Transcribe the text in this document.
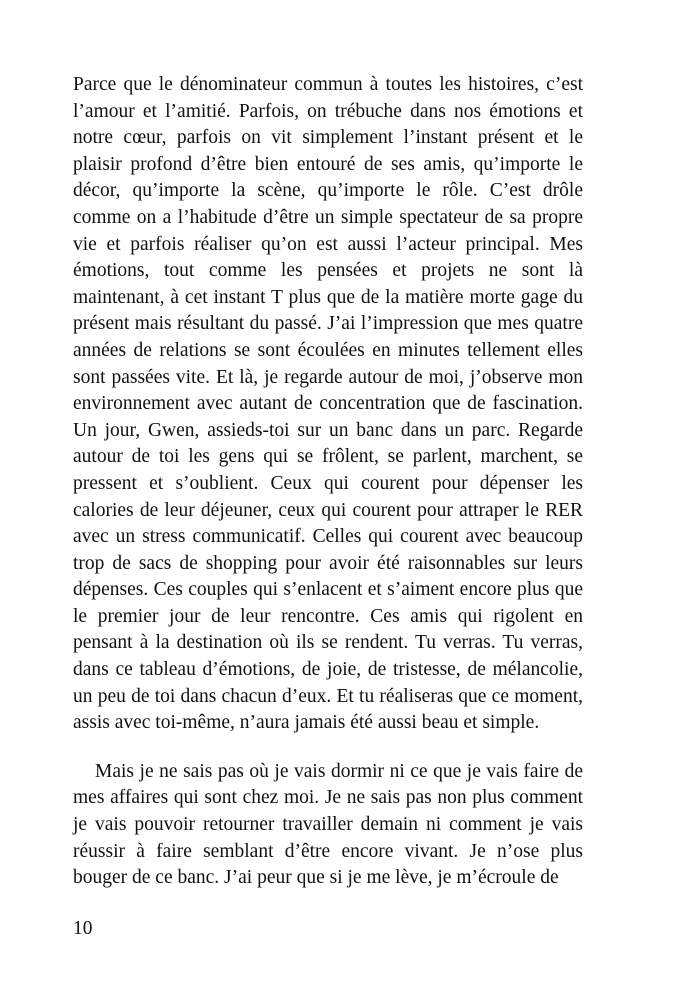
Parce que le dénominateur commun à toutes les histoires, c’est l’amour et l’amitié. Parfois, on trébuche dans nos émotions et notre cœur, parfois on vit simplement l’instant présent et le plaisir profond d’être bien entouré de ses amis, qu’importe le décor, qu’importe la scène, qu’importe le rôle. C’est drôle comme on a l’habitude d’être un simple spectateur de sa propre vie et parfois réaliser qu’on est aussi l’acteur principal. Mes émotions, tout comme les pensées et projets ne sont là maintenant, à cet instant T plus que de la matière morte gage du présent mais résultant du passé. J’ai l’impression que mes quatre années de relations se sont écoulées en minutes tellement elles sont passées vite. Et là, je regarde autour de moi, j’observe mon environnement avec autant de concentration que de fascination. Un jour, Gwen, assieds-toi sur un banc dans un parc. Regarde autour de toi les gens qui se frôlent, se parlent, marchent, se pressent et s’oublient. Ceux qui courent pour dépenser les calories de leur déjeuner, ceux qui courent pour attraper le RER avec un stress communicatif. Celles qui courent avec beaucoup trop de sacs de shopping pour avoir été raisonnables sur leurs dépenses. Ces couples qui s’enlacent et s’aiment encore plus que le premier jour de leur rencontre. Ces amis qui rigolent en pensant à la destination où ils se rendent. Tu verras. Tu verras, dans ce tableau d’émotions, de joie, de tristesse, de mélancolie, un peu de toi dans chacun d’eux. Et tu réaliseras que ce moment, assis avec toi-même, n’aura jamais été aussi beau et simple.

Mais je ne sais pas où je vais dormir ni ce que je vais faire de mes affaires qui sont chez moi. Je ne sais pas non plus comment je vais pouvoir retourner travailler demain ni comment je vais réussir à faire semblant d’être encore vivant. Je n’ose plus bouger de ce banc. J’ai peur que si je me lève, je m’écroule de

10
